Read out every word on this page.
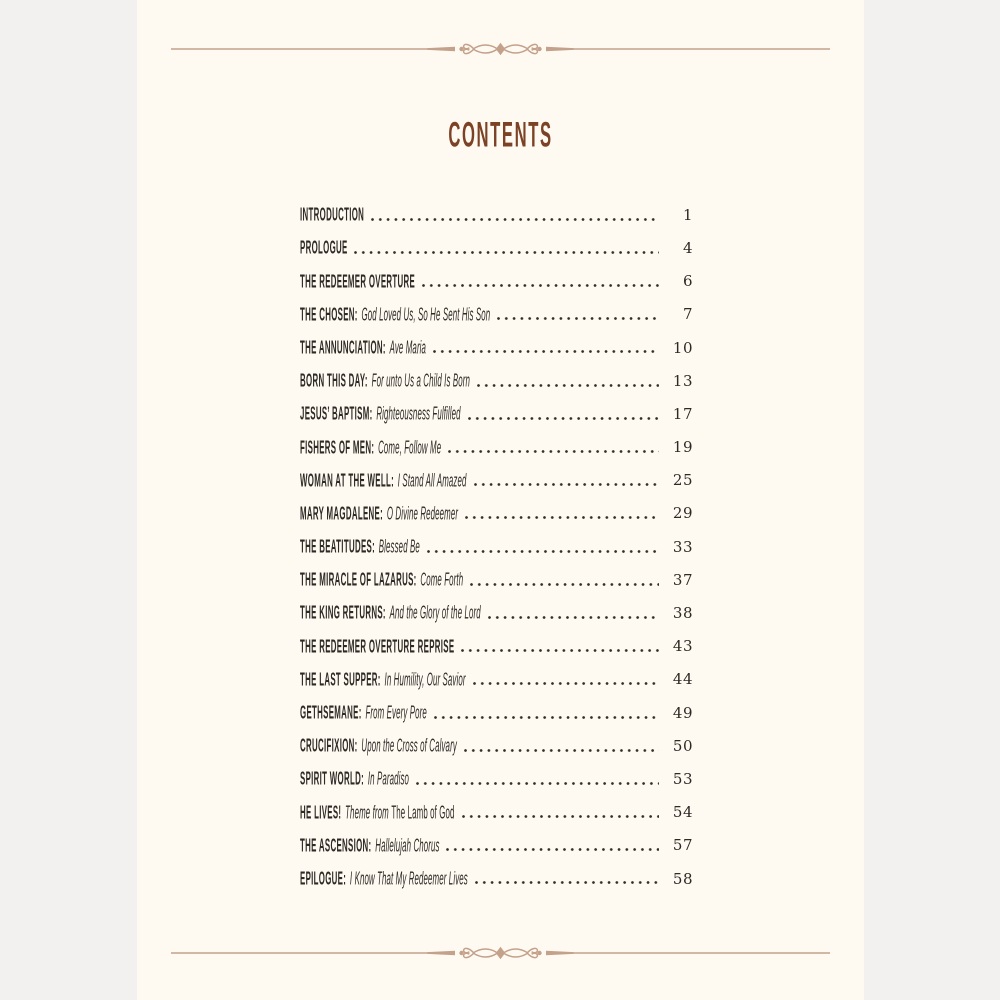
CONTENTS
INTRODUCTION	1
PROLOGUE	4
THE REDEEMER OVERTURE	6
THE CHOSEN: God Loved Us, So He Sent His Son	7
THE ANNUNCIATION: Ave Maria	10
BORN THIS DAY: For unto Us a Child Is Born	13
JESUS’ BAPTISM: Righteousness Fulfilled	17
FISHERS OF MEN: Come, Follow Me	19
WOMAN AT THE WELL: I Stand All Amazed	25
MARY MAGDALENE: O Divine Redeemer	29
THE BEATITUDES: Blessed Be	33
THE MIRACLE OF LAZARUS: Come Forth	37
THE KING RETURNS: And the Glory of the Lord	38
THE REDEEMER OVERTURE REPRISE	43
THE LAST SUPPER: In Humility, Our Savior	44
GETHSEMANE: From Every Pore	49
CRUCIFIXION: Upon the Cross of Calvary	50
SPIRIT WORLD: In Paradiso	53
HE LIVES! Theme from The Lamb of God	54
THE ASCENSION: Hallelujah Chorus	57
EPILOGUE: I Know That My Redeemer Lives	58
